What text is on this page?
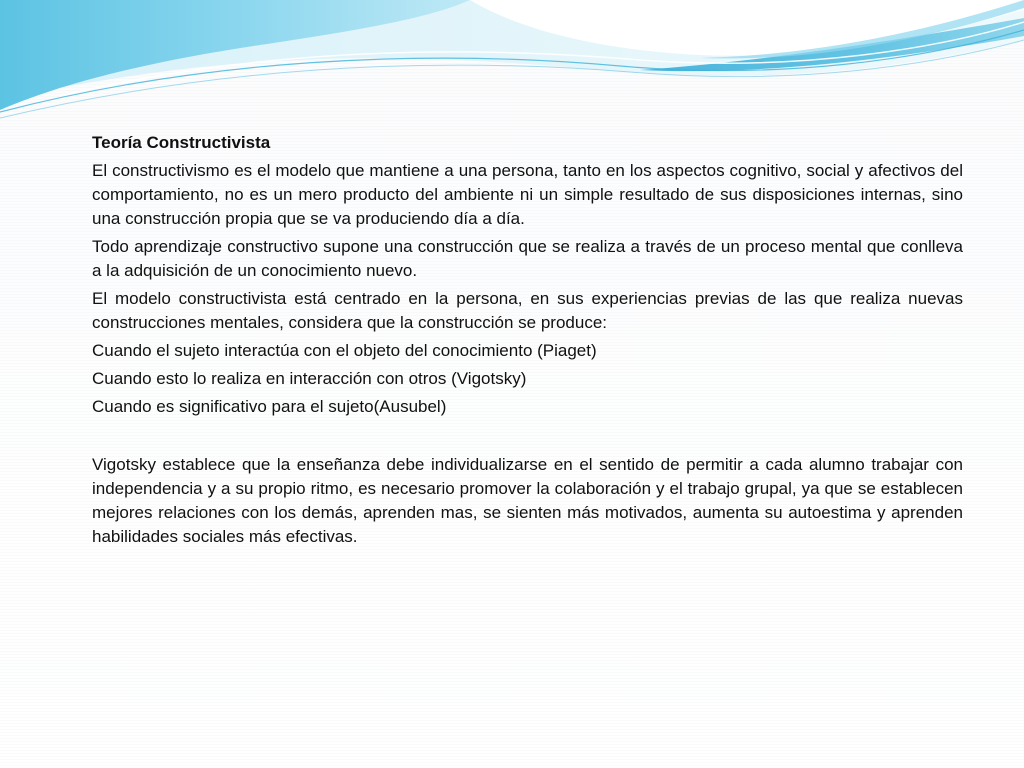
Teoría Constructivista

El constructivismo es el modelo que mantiene a una persona, tanto en los aspectos cognitivo, social y afectivos del comportamiento, no es un mero producto del ambiente ni un simple resultado de sus disposiciones internas, sino una construcción propia que se va produciendo día a día.

Todo aprendizaje constructivo supone una construcción que se realiza a través de un proceso mental que conlleva a la adquisición de un conocimiento nuevo.

El modelo constructivista está centrado en la persona, en sus experiencias previas de las que realiza nuevas construcciones mentales, considera que la construcción se produce:

Cuando el sujeto interactúa con el objeto del conocimiento (Piaget)

Cuando esto lo realiza en interacción con otros (Vigotsky)

Cuando es significativo para el sujeto(Ausubel)

Vigotsky establece que la enseñanza debe individualizarse en el sentido de permitir a cada alumno trabajar con independencia y a su propio ritmo, es necesario promover la colaboración y el trabajo grupal, ya que se establecen mejores relaciones con los demás, aprenden mas, se sienten más motivados, aumenta su autoestima y aprenden habilidades sociales más efectivas.
